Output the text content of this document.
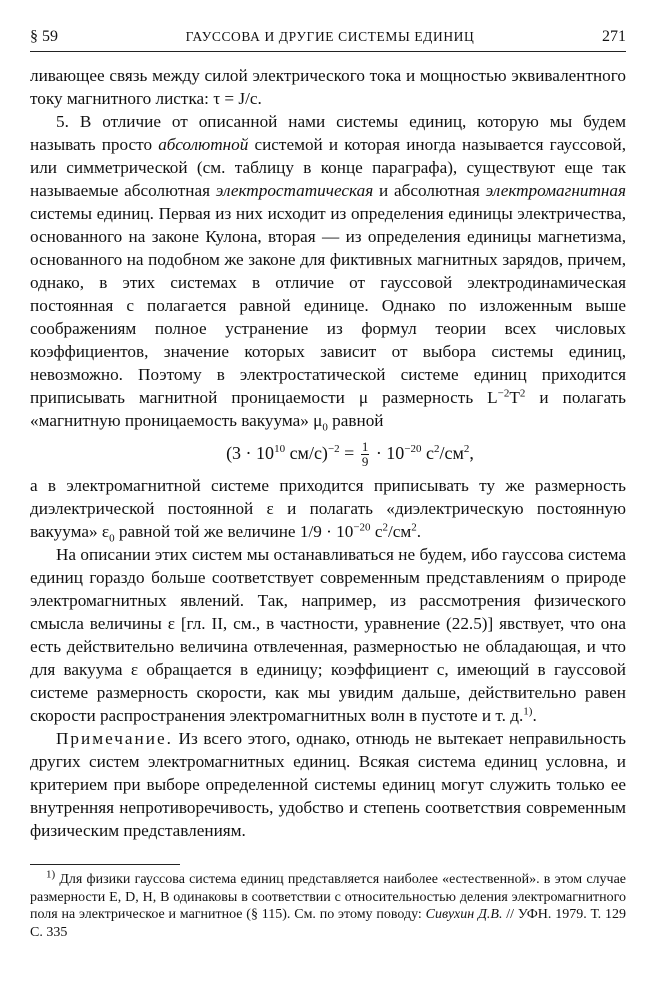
§ 59	ГАУССОВА И ДРУГИЕ СИСТЕМЫ ЕДИНИЦ	271

ливающее связь между силой электрического тока и мощностью эквивалентного току магнитного листка: τ = J/c.

5. В отличие от описанной нами системы единиц, которую мы будем называть просто абсолютной системой и которая иногда называется гауссовой, или симметрической (см. таблицу в конце параграфа), существуют еще так называемые абсолютная электростатическая и абсолютная электромагнитная системы единиц. Первая из них исходит из определения единицы электричества, основанного на законе Кулона, вторая — из определения единицы магнетизма, основанного на подобном же законе для фиктивных магнитных зарядов, причем, однако, в этих системах в отличие от гауссовой электродинамическая постоянная c полагается равной единице. Однако по изложенным выше соображениям полное устранение из формул теории всех числовых коэффициентов, значение которых зависит от выбора системы единиц, невозможно. Поэтому в электростатической системе единиц приходится приписывать магнитной проницаемости μ размерность $L^{-2}T^2$ и полагать «магнитную проницаемость вакуума» $\mu_0$ равной

($3 \cdot 10^{10}$ $см/с)^{-2} = \frac{1}{9} \cdot 10^{-20}$ $с^2/см^2$,

а в электромагнитной системе приходится приписывать ту же размерность диэлектрической постоянной ε и полагать «диэлектрическую постоянную вакуума» $\varepsilon_0$ равной той же величине $1/9 \cdot 10^{-20}$ $с^2/см^2$.

На описании этих систем мы останавливаться не будем, ибо гауссова система единиц гораздо больше соответствует современным представлениям о природе электромагнитных явлений. Так, например, из рассмотрения физического смысла величины ε [гл. II, см., в частности, уравнение (22.5)] явствует, что она есть действительно величина отвлеченная, размерностью не обладающая, и что для вакуума ε обращается в единицу; коэффициент c, имеющий в гауссовой системе размерность скорости, как мы увидим дальше, действительно равен скорости распространения электромагнитных волн в пустоте и т. д.$^{1)}$.

Примечание. Из всего этого, однако, отнюдь не вытекает неправильность других систем электромагнитных единиц. Всякая система единиц условна, и критерием при выборе определенной системы единиц могут служить только ее внутренняя непротиворечивость, удобство и степень соответствия современным физическим представлениям.

$^{1)}$ Для физики гауссова система единиц представляется наиболее «естественной». в этом случае размерности E, D, H, B одинаковы в соответствии с относительностью деления электромагнитного поля на электрическое и магнитное (§ 115). См. по этому поводу: Сивухин Д.В. // УФН. 1979. Т. 129 С. 335
